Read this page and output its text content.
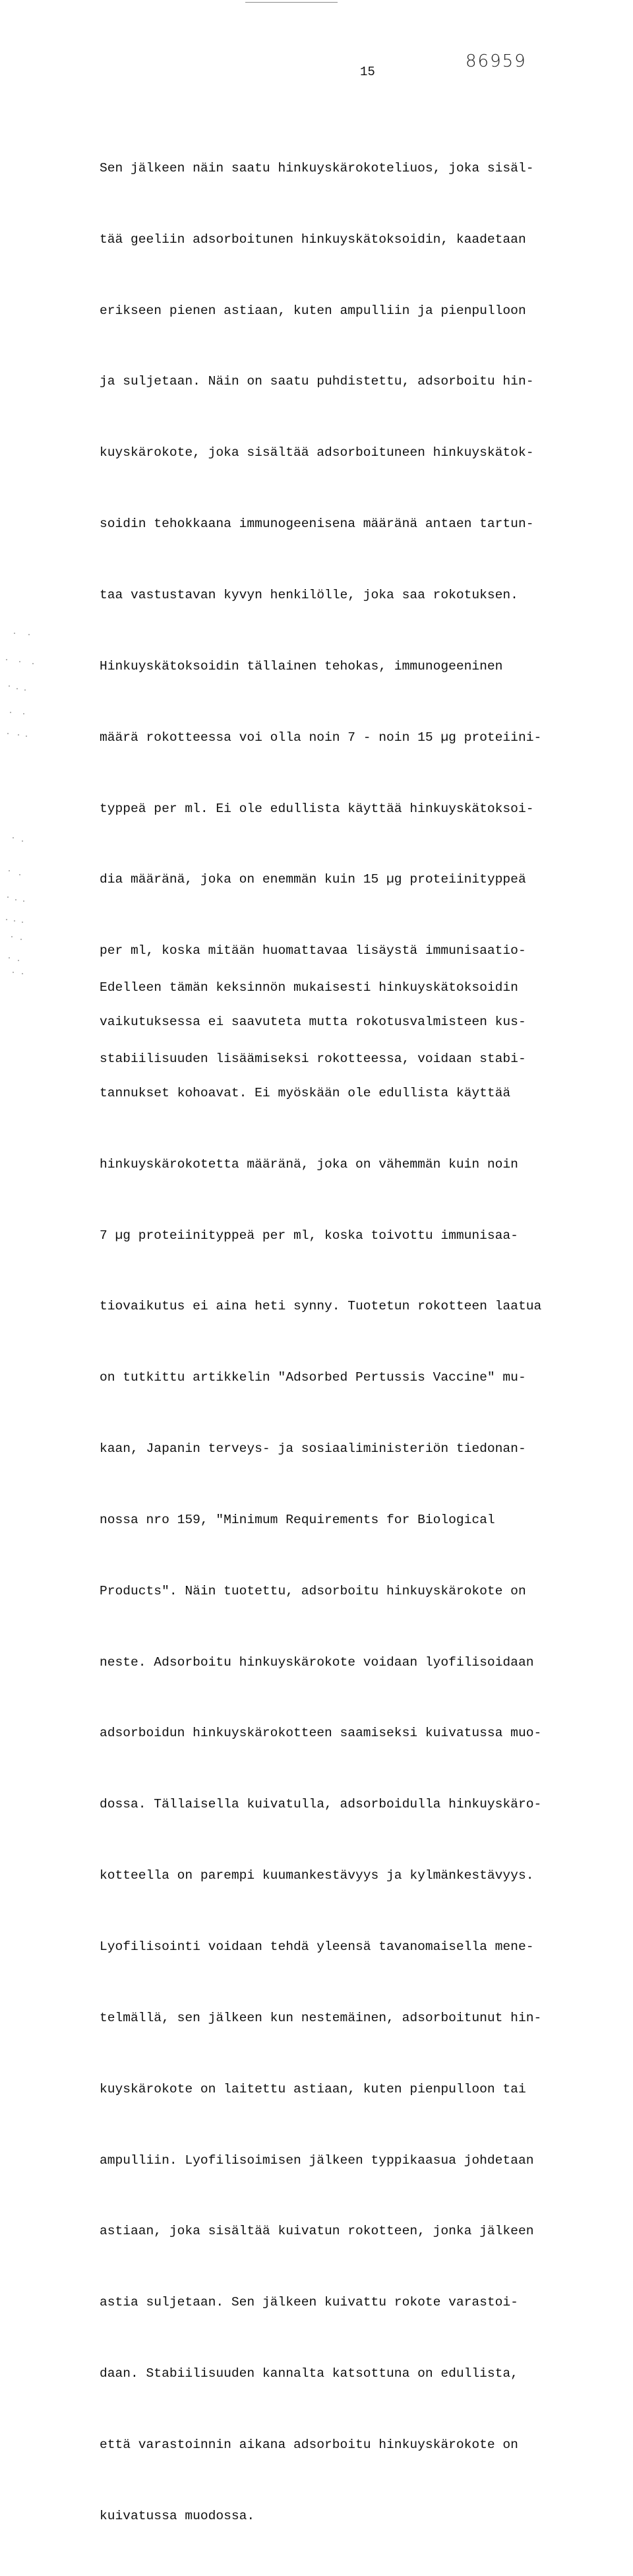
15
86959

Sen jälkeen näin saatu hinkuyskärokoteliuos, joka sisäl-

tää geeliin adsorboitunen hinkuyskätoksoidin, kaadetaan

erikseen pienen astiaan, kuten ampulliin ja pienpulloon

ja suljetaan. Näin on saatu puhdistettu, adsorboitu hin-

kuyskärokote, joka sisältää adsorboituneen hinkuyskätok-

soidin tehokkaana immunogeenisena määränä antaen tartun-

taa vastustavan kyvyn henkilölle, joka saa rokotuksen.

Hinkuyskätoksoidin tällainen tehokas, immunogeeninen

määrä rokotteessa voi olla noin 7 - noin 15 µg proteiini-

typpeä per ml. Ei ole edullista käyttää hinkuyskätoksoi-

dia määränä, joka on enemmän kuin 15 µg proteiinityppeä

per ml, koska mitään huomattavaa lisäystä immunisaatio-

vaikutuksessa ei saavuteta mutta rokotusvalmisteen kus-

tannukset kohoavat. Ei myöskään ole edullista käyttää

hinkuyskärokotetta määränä, joka on vähemmän kuin noin

7 µg proteiinityppeä per ml, koska toivottu immunisaa-

tiovaikutus ei aina heti synny. Tuotetun rokotteen laatua

on tutkittu artikkelin "Adsorbed Pertussis Vaccine" mu-

kaan, Japanin terveys- ja sosiaaliministeriön tiedonan-

nossa nro 159, "Minimum Requirements for Biological

Products". Näin tuotettu, adsorboitu hinkuyskärokote on

neste. Adsorboitu hinkuyskärokote voidaan lyofilisoidaan

adsorboidun hinkuyskärokotteen saamiseksi kuivatussa muo-

dossa. Tällaisella kuivatulla, adsorboidulla hinkuyskäro-

kotteella on parempi kuumankestävyys ja kylmänkestävyys.

Lyofilisointi voidaan tehdä yleensä tavanomaisella mene-

telmällä, sen jälkeen kun nestemäinen, adsorboitunut hin-

kuyskärokote on laitettu astiaan, kuten pienpulloon tai

ampulliin. Lyofilisoimisen jälkeen typpikaasua johdetaan

astiaan, joka sisältää kuivatun rokotteen, jonka jälkeen

astia suljetaan. Sen jälkeen kuivattu rokote varastoi-

daan. Stabiilisuuden kannalta katsottuna on edullista,

että varastoinnin aikana adsorboitu hinkuyskärokote on

kuivatussa muodossa.

Edelleen tämän keksinnön mukaisesti hinkuyskätoksoidin

stabiilisuuden lisäämiseksi rokotteessa, voidaan stabi-
